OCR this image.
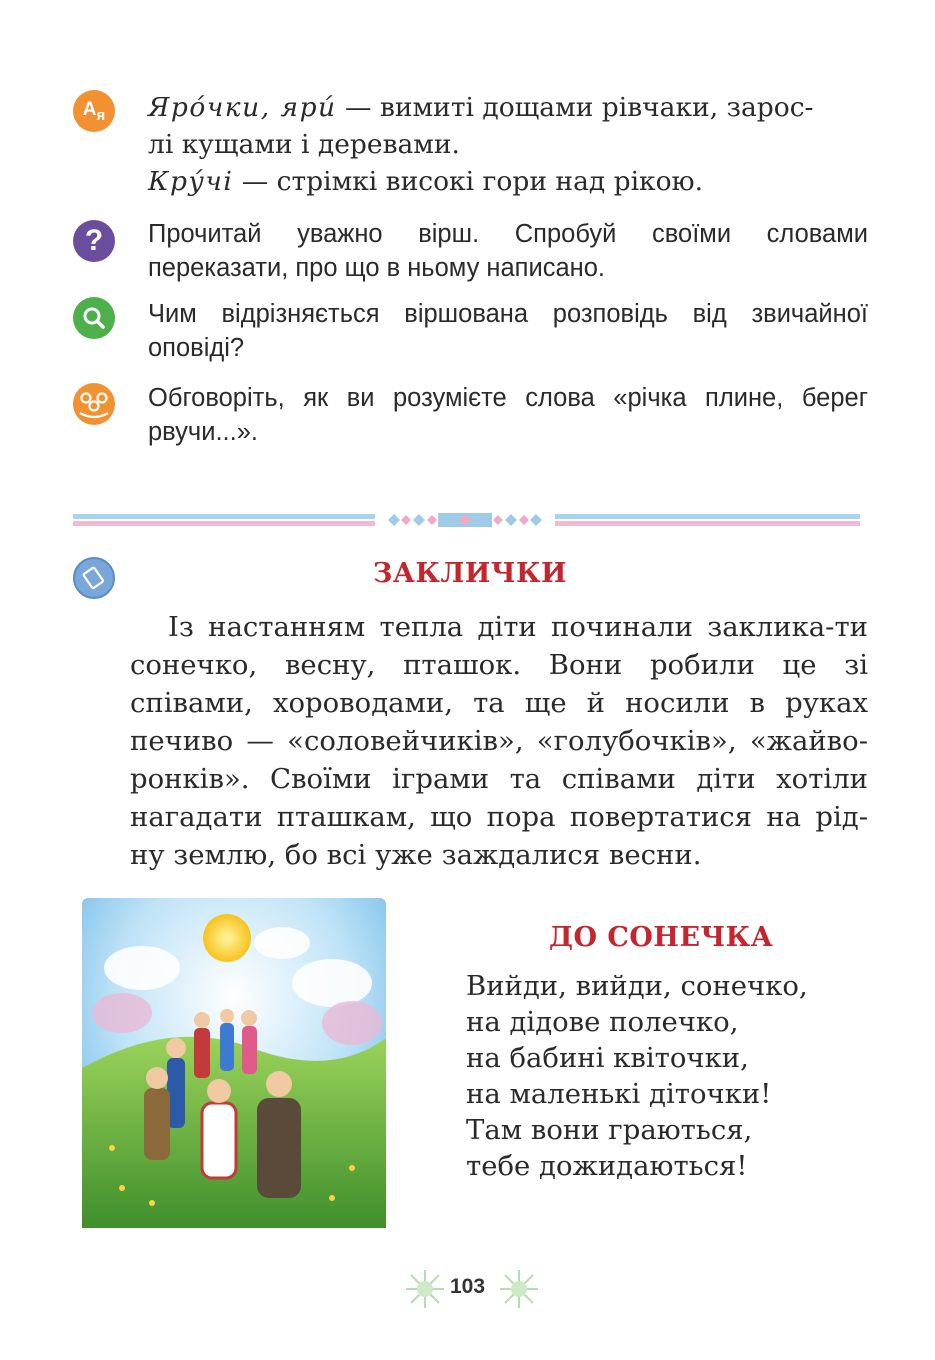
$А_я$ Яро́чки, ярú — вимиті дощами рівчаки, зарос-
лі кущами і деревами.
Кру́чі — стрімкі високі гори над рікою.
?	Прочитай уважно вірш. Спробуй своїми словами переказати, про що в ньому написано.
Чим відрізняється віршована розповідь від звичайної оповіді?
Обговоріть, як ви розумієте слова «річка плине, берег рвучи...».
ЗАКЛИЧКИ
Із настанням тепла діти починали заклика-ти сонечко, весну, пташок. Вони робили це зі співами, хороводами, та ще й носили в руках печиво — «соловейчиків», «голубочків», «жайво-ронків». Своїми іграми та співами діти хотіли нагадати пташкам, що пора повертатися на рід-ну землю, бо всі уже заждалися весни.
ДО СОНЕЧКА
Вийди, вийди, сонечко,
на дідове полечко,
на бабині квіточки,
на маленькі діточки!
Там вони граються,
тебе дожидаються!
103
